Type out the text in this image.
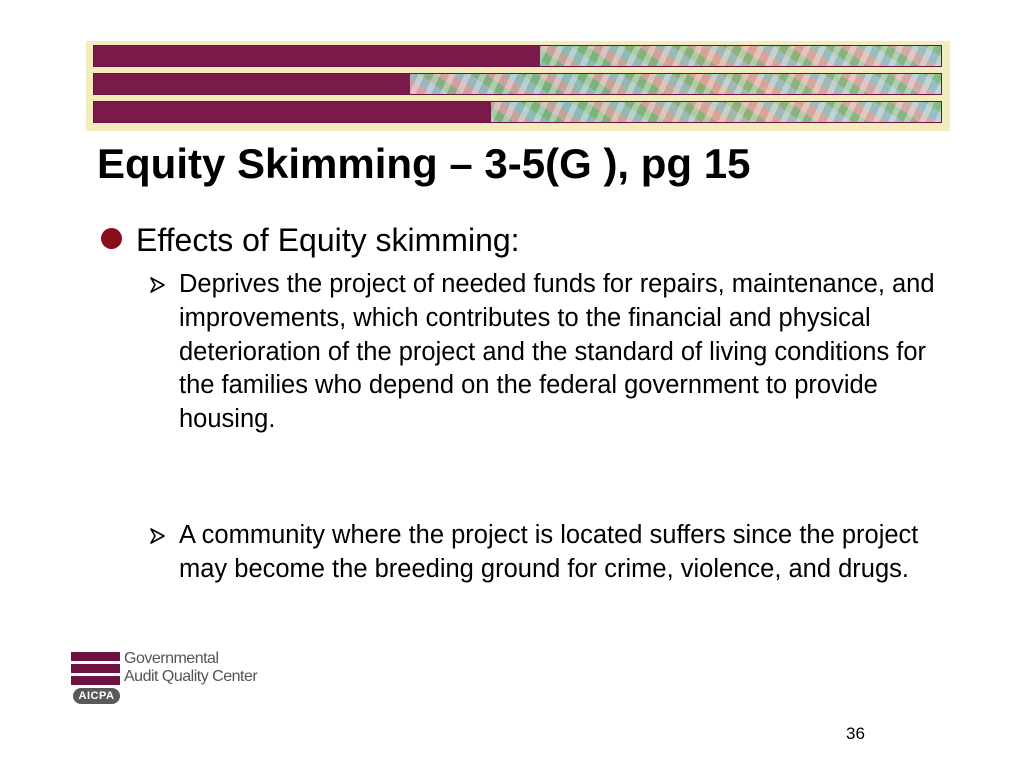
Equity Skimming – 3-5(G ), pg 15
Effects of Equity skimming:
Deprives the project of needed funds for repairs, maintenance, and improvements, which contributes to the financial and physical deterioration of the project and the standard of living conditions for the families who depend on the federal government to provide housing.
A community where the project is located suffers since the project may become the breeding ground for crime, violence, and drugs.
Governmental
Audit Quality Center
AICPA
36
